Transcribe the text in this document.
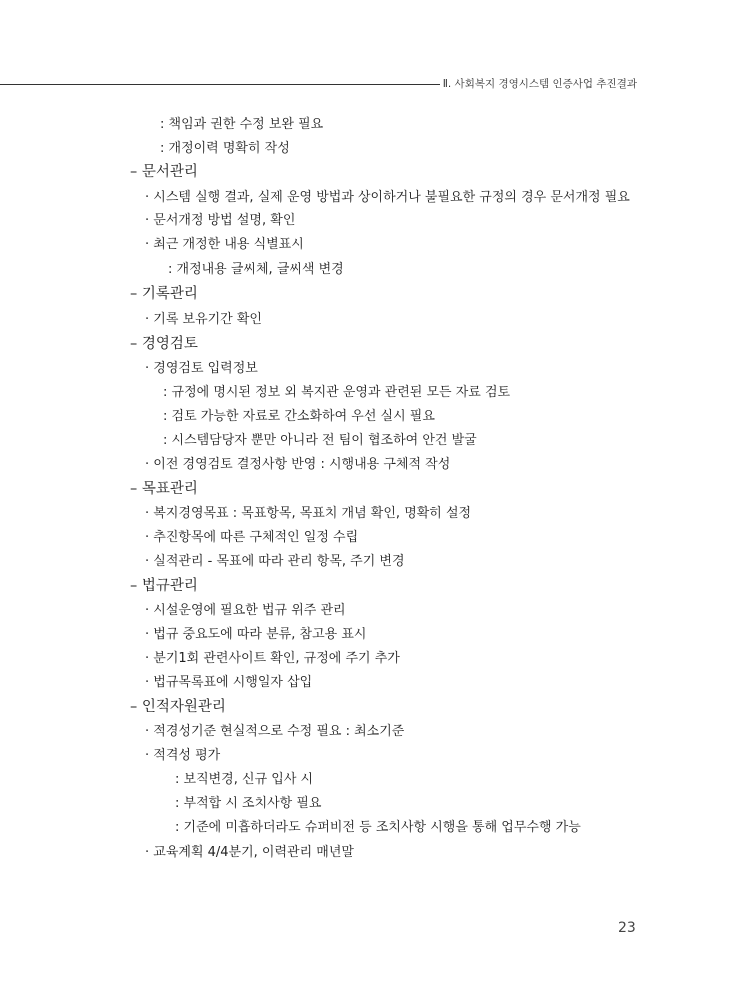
Ⅱ. 사회복지 경영시스템 인증사업 추진결과
: 책임과 권한 수정 보완 필요
: 개정이력 명확히 작성
– 문서관리
· 시스템 실행 결과, 실제 운영 방법과 상이하거나 불필요한 규정의 경우 문서개정 필요
· 문서개정 방법 설명, 확인
· 최근 개정한 내용 식별표시
: 개정내용 글씨체, 글씨색 변경
– 기록관리
· 기록 보유기간 확인
– 경영검토
· 경영검토 입력정보
: 규정에 명시된 정보 외 복지관 운영과 관련된 모든 자료 검토
: 검토 가능한 자료로 간소화하여 우선 실시 필요
: 시스템담당자 뿐만 아니라 전 팀이 협조하여 안건 발굴
· 이전 경영검토 결정사항 반영 : 시행내용 구체적 작성
– 목표관리
· 복지경영목표 : 목표항목, 목표치 개념 확인, 명확히 설정
· 추진항목에 따른 구체적인 일정 수립
· 실적관리 - 목표에 따라 관리 항목, 주기 변경
– 법규관리
· 시설운영에 필요한 법규 위주 관리
· 법규 중요도에 따라 분류, 참고용 표시
· 분기1회 관련사이트 확인, 규정에 주기 추가
· 법규목록표에 시행일자 삽입
– 인적자원관리
· 적경성기준 현실적으로 수정 필요 : 최소기준
· 적격성 평가
: 보직변경, 신규 입사 시
: 부적합 시 조치사항 필요
: 기준에 미흡하더라도 슈퍼비전 등 조치사항 시행을 통해 업무수행 가능
· 교육계획 4/4분기, 이력관리 매년말
23
